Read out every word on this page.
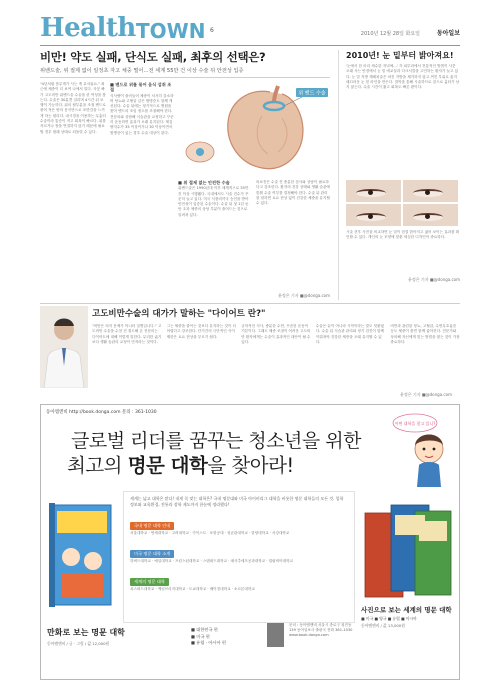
Health TOWN 6	2010년 12월 28일 화요일	동아일보
비만! 약도 실패, 단식도 실패, 최후의 선택은?
위밴드술, 위 절제 없이 일정초 자고 체중 떨어…전 세계 55만 건 이상 수술 뒤 안전성 입증
"4년처럼 몸무게가 사는 게 무서워요." 최근에 체중이 더 보여 나에서 밀다. 사뭇 빠가 고도비만 위밴드술 수술을 한 여성을 찾는다. 수술은 30분쯤 걸리며 4시간 뒤 보행이 가능하다. 위의 윗부분을 조절 밴드로 묶어 적은 양의 음식만으로 포만감을 느끼게 하는 원리다. 내시경을 이용하는 무흉터 수술이라 통증이 적고 회복이 빠르다. 위를 자르거나 장을 연결하지 않기 때문에 필요할 경우 원래 상태로 되돌릴 수 있다.
■ 밴드로 위를 묶어 음식 섭취 조절
식사량이 줄어들어 체중이 서서히 감소하며 당뇨와 고혈압 같은 합병증도 함께 개선된다. 수술 뒤에는 정기적으로 병원을 찾아 밴드의 조임 정도를 조절해야 한다. 전문의와 상담해 식습관을 교정하고 꾸준히 운동하면 효과가 오래 유지된다. 체질량지수가 35 이상이거나 30 이상이면서 합병증이 있는 경우 수술 대상이 된다.
위 밴드 수술
■ 위 절제 없는 안전한 수술
위밴드술은 1990년대 이후 세계적으로 55만 건 이상 시행됐다. 국내에서도 시술 건수가 꾸준히 늘고 있다. 미국 식품의약국 승인을 받아 안전성이 입증된 수술이다. 수술 뒤 첫 1년 동안 초과 체중의 상당 부분이 줄어드는 것으로 알려져 있다.
의료진은 수술 전 충분한 검사와 상담이 필요하다고 강조한다. 환자의 건강 상태와 생활 습관에 맞춰 수술 여부를 결정해야 한다. 수술 뒤 관리를 잘하면 요요 현상 없이 건강한 체중을 유지할 수 있다.
윤정은 기자 ■@donga.com
2010년! 눈 밑부터 밝아져요!
'눈에서 한 마리 세수한 저녁에…' 각 피부과에서 전통적인 방법이 사뭇 오래 사는 안경에서 눈 밑 애교살과 다크서클을 고민하는 환자가 늘고 있다. 눈 밑 지방 재배치술은 처진 지방을 제거하지 않고 꺼진 부위로 옮겨 매끄러운 눈 밑 라인을 만든다. 결막을 통해 시술하므로 겉으로 흉터가 남지 않는다. 수술 시간이 짧고 회복도 빠른 편이다.
시술 전후 사진을 비교하면 눈 밑이 한결 밝아지고 젊어 보이는 효과를 확인할 수 있다. 개인의 눈 모양에 맞춘 세심한 디자인이 중요하다.
윤정은 기자 ■@donga.com
고도비만수술의 대가가 말하는 "다이어트 란?"
"비만은 의지 문제가 아니라 질병입니다." 고도비만 수술을 수천 건 집도해 온 전문의는 다이어트에 대해 이렇게 말한다. 무리한 굶기보다 생활 습관의 교정이 먼저라는 것이다.
그는 체중을 줄이는 것보다 유지하는 것이 더 어렵다고 강조한다. 단기간의 극단적인 식이 제한은 요요 현상을 부르기 쉽다.
규칙적인 식사, 충분한 수면, 꾸준한 운동이 기본이다. 그래도 체중 조절이 어려운 고도비만 환자에게는 수술이 효과적인 대안이 될 수 있다.
수술은 끝이 아니라 시작이라는 말도 덧붙였다. 수술 뒤 식습관 관리와 정기 검진이 함께 이뤄져야 건강한 체중을 오래 유지할 수 있다.
비만과 관련된 당뇨, 고혈압, 수면무호흡증 등도 체중이 줄면 함께 좋아진다. 전문가와 상의해 자신에게 맞는 방법을 찾는 것이 가장 중요하다.
윤정은 기자 ■@donga.com
동아엠앤비 http://book.donga.com 문의 : 361-1030
글로벌 리더를 꿈꾸는 청소년을 위한
최고의 명문 대학을 찾아라!
어떤 대학을 찾고 있니?
세계는 넓고 대학은 많다! 내게 꼭 맞는 대학은? 국내 명문대와 미국 아이비리그 대학을 비롯한 명문 대학들의 모든 것. 입학 정보와 교육환경, 전통과 장학 제도까지 한눈에 정리했다!
국내 명문 대학 안내
서울대학교 · 연세대학교 · 고려대학교 · 카이스트 · 포항공대 · 성균관대학교 · 한양대학교 · 서강대학교
미국 명문 대학 소개
하버드대학교 · 예일대학교 · 프린스턴대학교 · 스탠퍼드대학교 · 매사추세츠공과대학교 · 컬럼비아대학교
세계의 명문 대학
옥스퍼드대학교 · 케임브리지대학교 · 도쿄대학교 · 베이징대학교 · 소르본대학교
만화로 보는 명문 대학
동아엠앤비 / 글 · 그림 / 값 12,000원
■ 대한민국 편
■ 미국 편
■ 유럽 · 아시아 편
문의 : 동아엠앤비 서울시 종로구 청진동 139 동아일보사 출판국 전화 361-1030 www.book.donga.com
사진으로 보는 세계의 명문 대학
■ 미국 ■ 영국 ■ 유럽 ■ 아시아
동아엠앤비 / 값 13,000원
